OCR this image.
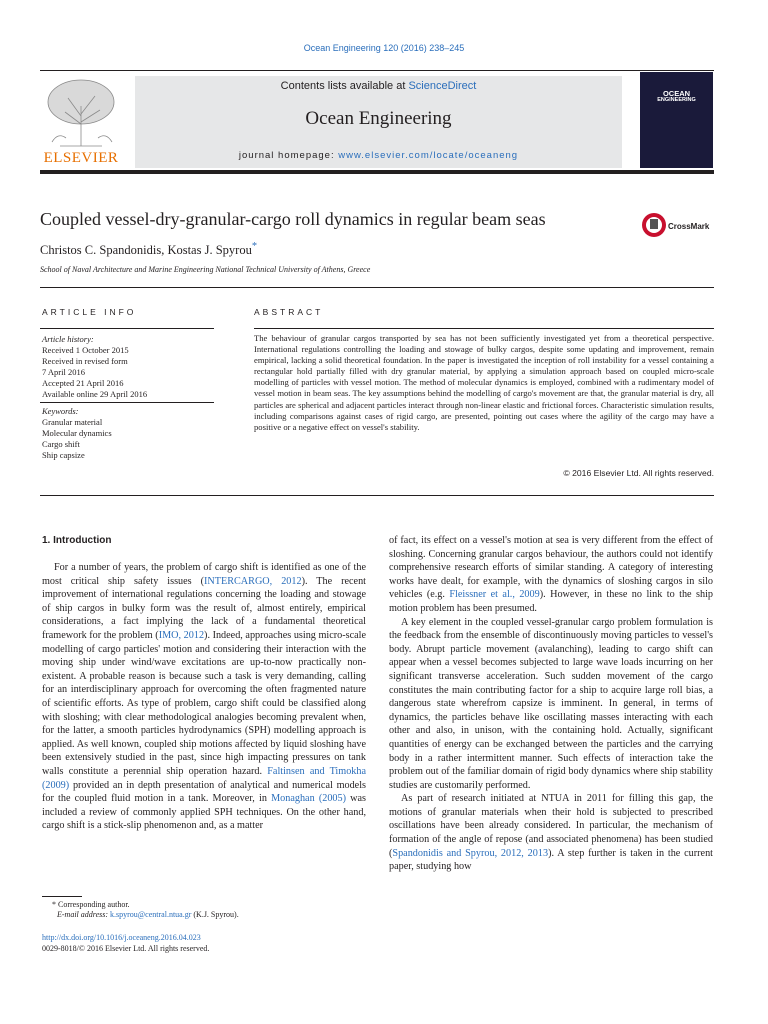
Ocean Engineering 120 (2016) 238–245
ELSEVIER
Contents lists available at ScienceDirect
Ocean Engineering
journal homepage: www.elsevier.com/locate/oceaneng
OCEAN
ENGINEERING
Coupled vessel-dry-granular-cargo roll dynamics in regular beam seas	CrossMark
Christos C. Spandonidis, Kostas J. Spyrou*
School of Naval Architecture and Marine Engineering National Technical University of Athens, Greece
ARTICLE INFO	ABSTRACT
Article history:
Received 1 October 2015
Received in revised form
7 April 2016
Accepted 21 April 2016
Available online 29 April 2016
Keywords:
Granular material
Molecular dynamics
Cargo shift
Ship capsize
The behaviour of granular cargos transported by sea has not been sufficiently investigated yet from a theoretical perspective. International regulations controlling the loading and stowage of bulky cargos, despite some updating and improvement, remain empirical, lacking a solid theoretical foundation. In the paper is investigated the inception of roll instability for a vessel containing a rectangular hold partially filled with dry granular material, by applying a simulation approach based on coupled micro-scale modelling of particles with vessel motion. The method of molecular dynamics is employed, combined with a rudimentary model of vessel motion in beam seas. The key assumptions behind the modelling of cargo's movement are that, the granular material is dry, all particles are spherical and adjacent particles interact through non-linear elastic and frictional forces. Characteristic simulation results, including comparisons against cases of rigid cargo, are presented, pointing out cases where the agility of the cargo may have a positive or a negative effect on vessel's stability.
© 2016 Elsevier Ltd. All rights reserved.
1. Introduction

For a number of years, the problem of cargo shift is identified as one of the most critical ship safety issues (INTERCARGO, 2012). The recent improvement of international regulations concerning the loading and stowage of ship cargos in bulky form was the result of, almost entirely, empirical considerations, a fact implying the lack of a fundamental theoretical framework for the problem (IMO, 2012). Indeed, approaches using micro-scale modelling of cargo particles' motion and considering their interaction with the moving ship under wind/wave excitations are up-to-now practically non-existent. A probable reason is because such a task is very demanding, calling for an interdisciplinary approach for overcoming the often fragmented nature of scientific efforts. As type of problem, cargo shift could be classified along with sloshing; with clear methodological analogies becoming prevalent when, for the latter, a smooth particles hydrodynamics (SPH) modelling approach is applied. As well known, coupled ship motions affected by liquid sloshing have been extensively studied in the past, since high impacting pressures on tank walls constitute a perennial ship operation hazard. Faltinsen and Timokha (2009) provided an in depth presentation of analytical and numerical models for the coupled fluid motion in a tank. Moreover, in Monaghan (2005) was included a review of commonly applied SPH techniques. On the other hand, cargo shift is a stick-slip phenomenon and, as a matter

of fact, its effect on a vessel's motion at sea is very different from the effect of sloshing. Concerning granular cargos behaviour, the authors could not identify comprehensive research efforts of similar standing. A category of interesting works have dealt, for example, with the dynamics of sloshing cargos in silo vehicles (e.g. Fleissner et al., 2009). However, in these no link to the ship motion problem has been presumed.

A key element in the coupled vessel-granular cargo problem formulation is the feedback from the ensemble of discontinuously moving particles to vessel's body. Abrupt particle movement (avalanching), leading to cargo shift can appear when a vessel becomes subjected to large wave loads incurring on her significant transverse acceleration. Such sudden movement of the cargo constitutes the main contributing factor for a ship to acquire large roll bias, a dangerous state wherefrom capsize is imminent. In general, in terms of dynamics, the particles behave like oscillating masses interacting with each other and also, in unison, with the containing hold. Actually, significant quantities of energy can be exchanged between the particles and the carrying body in a rather intermittent manner. Such effects of interaction take the problem out of the familiar domain of rigid body dynamics where ship stability studies are customarily performed.

As part of research initiated at NTUA in 2011 for filling this gap, the motions of granular materials when their hold is subjected to prescribed oscillations have been already considered. In particular, the mechanism of formation of the angle of repose (and associated phenomena) has been studied (Spandonidis and Spyrou, 2012, 2013). A step further is taken in the current paper, studying how

* Corresponding author.
E-mail address: k.spyrou@central.ntua.gr (K.J. Spyrou).
http://dx.doi.org/10.1016/j.oceaneng.2016.04.023
0029-8018/© 2016 Elsevier Ltd. All rights reserved.
